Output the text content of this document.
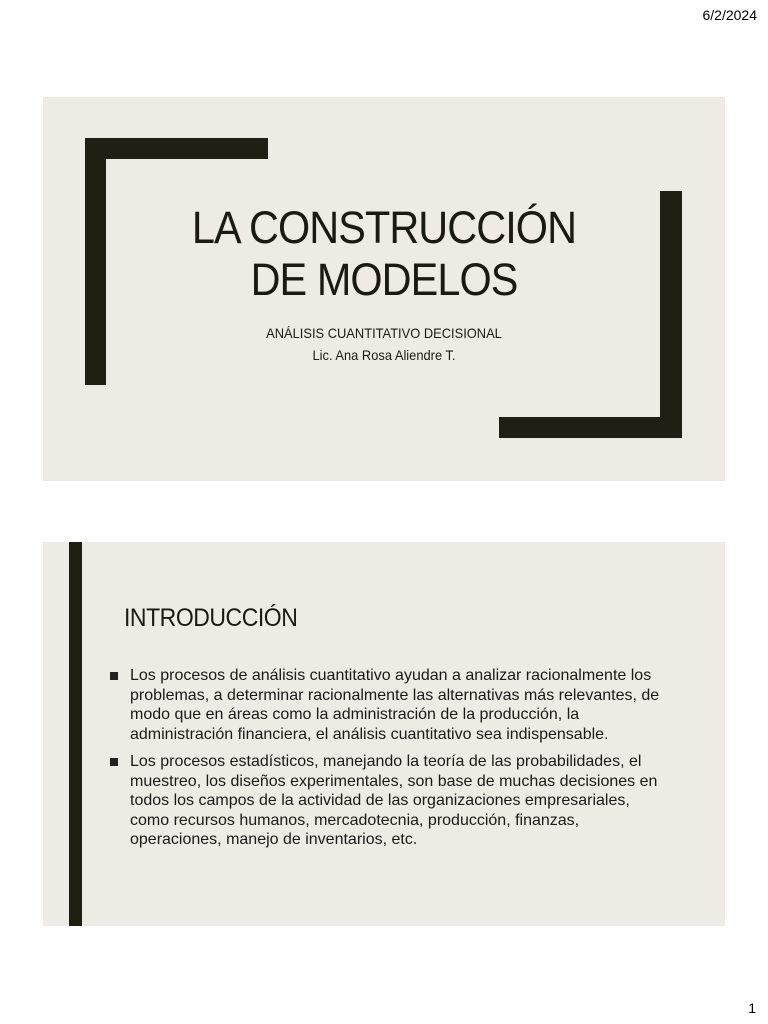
6/2/2024
LA CONSTRUCCIÓN
DE MODELOS
ANÁLISIS CUANTITATIVO DECISIONAL
Lic. Ana Rosa Aliendre T.
INTRODUCCIÓN
Los procesos de análisis cuantitativo ayudan a analizar racionalmente los problemas, a determinar racionalmente las alternativas más relevantes, de modo que en áreas como la administración de la producción, la administración financiera, el análisis cuantitativo sea indispensable.
Los procesos estadísticos, manejando la teoría de las probabilidades, el muestreo, los diseños experimentales, son base de muchas decisiones en todos los campos de la actividad de las organizaciones empresariales, como recursos humanos, mercadotecnia, producción, finanzas, operaciones, manejo de inventarios, etc.
1
